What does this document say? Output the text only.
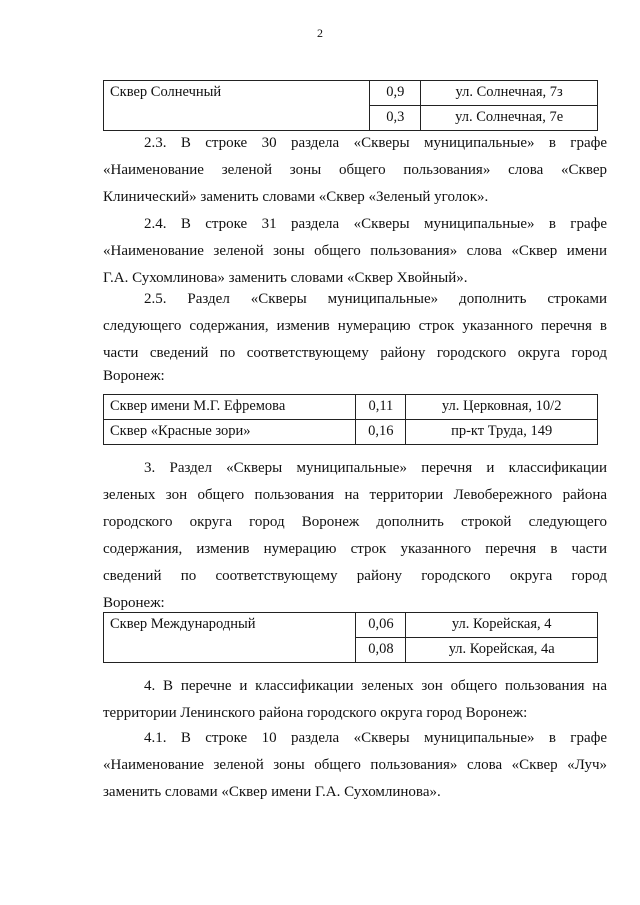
2
Сквер Солнечный	0,9	ул. Солнечная, 7з
	0,3	ул. Солнечная, 7е
2.3. В строке 30 раздела «Скверы муниципальные» в графе
«Наименование зеленой зоны общего пользования» слова «Сквер
Клинический» заменить словами «Сквер «Зеленый уголок».
2.4. В строке 31 раздела «Скверы муниципальные» в графе
«Наименование зеленой зоны общего пользования» слова «Сквер имени
Г.А. Сухомлинова» заменить словами «Сквер Хвойный».
2.5. Раздел «Скверы муниципальные» дополнить строками
следующего содержания, изменив нумерацию строк указанного перечня в
части сведений по соответствующему району городского округа город
Воронеж:
Сквер имени М.Г. Ефремова	0,11	ул. Церковная, 10/2
Сквер «Красные зори»	0,16	пр-кт Труда, 149
3. Раздел «Скверы муниципальные» перечня и классификации
зеленых зон общего пользования на территории Левобережного района
городского округа город Воронеж дополнить строкой следующего
содержания, изменив нумерацию строк указанного перечня в части
сведений по соответствующему району городского округа город
Воронеж:
Сквер Международный	0,06	ул. Корейская, 4
	0,08	ул. Корейская, 4а
4. В перечне и классификации зеленых зон общего пользования на
территории Ленинского района городского округа город Воронеж:
4.1. В строке 10 раздела «Скверы муниципальные» в графе
«Наименование зеленой зоны общего пользования» слова «Сквер «Луч»
заменить словами «Сквер имени Г.А. Сухомлинова».
